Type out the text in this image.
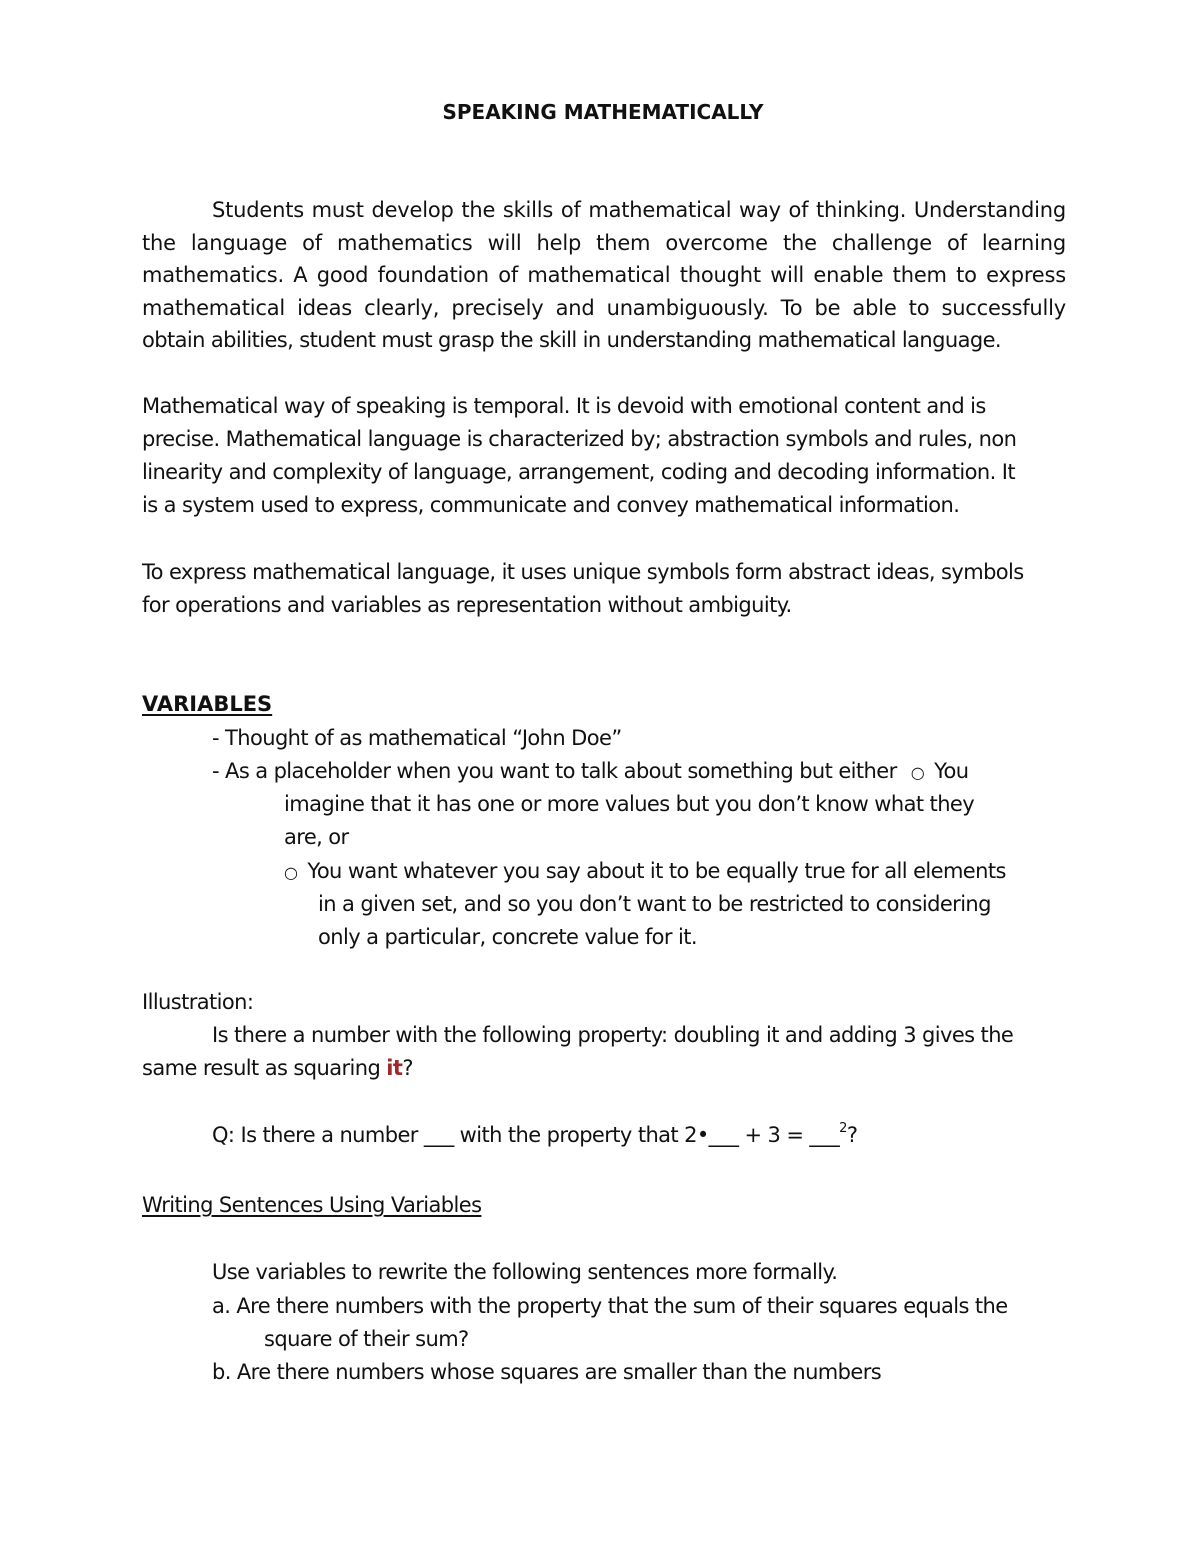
SPEAKING MATHEMATICALLY
Students must develop the skills of mathematical way of thinking. Understanding
the language of mathematics will help them overcome the challenge of learning
mathematics. A good foundation of mathematical thought will enable them to express
mathematical ideas clearly, precisely and unambiguously. To be able to successfully
obtain abilities, student must grasp the skill in understanding mathematical language.
Mathematical way of speaking is temporal. It is devoid with emotional content and is
precise. Mathematical language is characterized by; abstraction symbols and rules, non
linearity and complexity of language, arrangement, coding and decoding information. It
is a system used to express, communicate and convey mathematical information.
To express mathematical language, it uses unique symbols form abstract ideas, symbols
for operations and variables as representation without ambiguity.
VARIABLES
- Thought of as mathematical “John Doe”
- As a placeholder when you want to talk about something but either ○ You
imagine that it has one or more values but you don’t know what they
are, or
○ You want whatever you say about it to be equally true for all elements
in a given set, and so you don’t want to be restricted to considering
only a particular, concrete value for it.
Illustration:
Is there a number with the following property: doubling it and adding 3 gives the
same result as squaring it?
Q: Is there a number ___ with the property that 2•___ + 3 = ___$^2$?
Writing Sentences Using Variables
Use variables to rewrite the following sentences more formally.
a. Are there numbers with the property that the sum of their squares equals the
square of their sum?
b. Are there numbers whose squares are smaller than the numbers
